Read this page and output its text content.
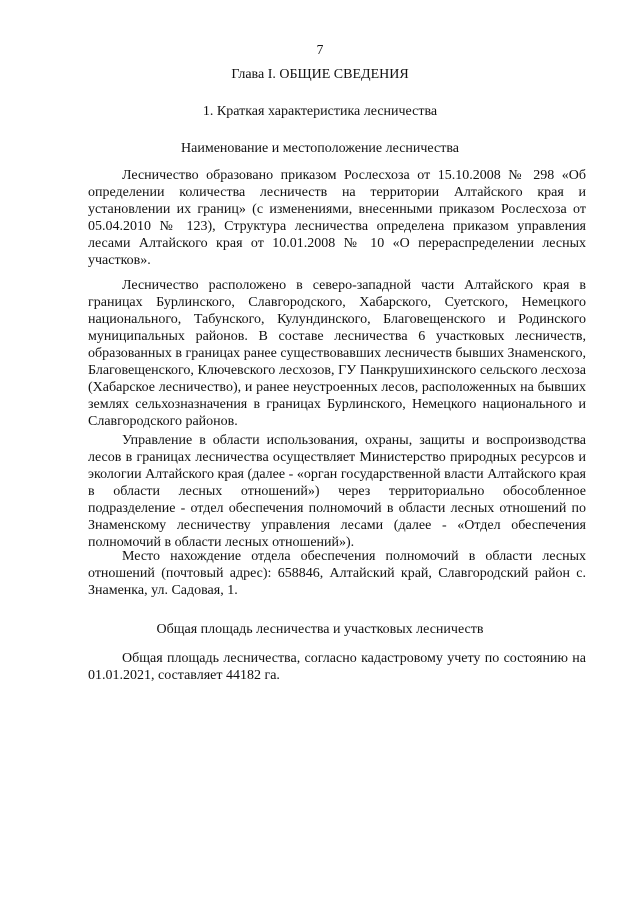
7
Глава I. ОБЩИЕ СВЕДЕНИЯ
1. Краткая характеристика лесничества
Наименование и местоположение лесничества

Лесничество образовано приказом Рослесхоза от 15.10.2008 № 298 «Об определении количества лесничеств на территории Алтайского края и установлении их границ» (с изменениями, внесенными приказом Рослесхоза от 05.04.2010 № 123), Структура лесничества определена приказом управления лесами Алтайского края от 10.01.2008 № 10 «О перераспределении лесных участков».

Лесничество расположено в северо-западной части Алтайского края в границах Бурлинского, Славгородского, Хабарского, Суетского, Немецкого национального, Табунского, Кулундинского, Благовещенского и Родинского муниципальных районов. В составе лесничества 6 участковых лесничеств, образованных в границах ранее существовавших лесничеств бывших Знаменского, Благовещенского, Ключевского лесхозов, ГУ Панкрушихинского сельского лесхоза (Хабарское лесничество), и ранее неустроенных лесов, расположенных на бывших землях сельхозназначения в границах Бурлинского, Немецкого национального и Славгородского районов.

Управление в области использования, охраны, защиты и воспроизводства лесов в границах лесничества осуществляет Министерство природных ресурсов и экологии Алтайского края (далее - «орган государственной власти Алтайского края в области лесных отношений») через территориально обособленное подразделение - отдел обеспечения полномочий в области лесных отношений по Знаменскому лесничеству управления лесами (далее - «Отдел обеспечения полномочий в области лесных отношений»).

Место нахождение отдела обеспечения полномочий в области лесных отношений (почтовый адрес): 658846, Алтайский край, Славгородский район с. Знаменка, ул. Садовая, 1.

Общая площадь лесничества и участковых лесничеств

Общая площадь лесничества, согласно кадастровому учету по состоянию на 01.01.2021, составляет 44182 га.
